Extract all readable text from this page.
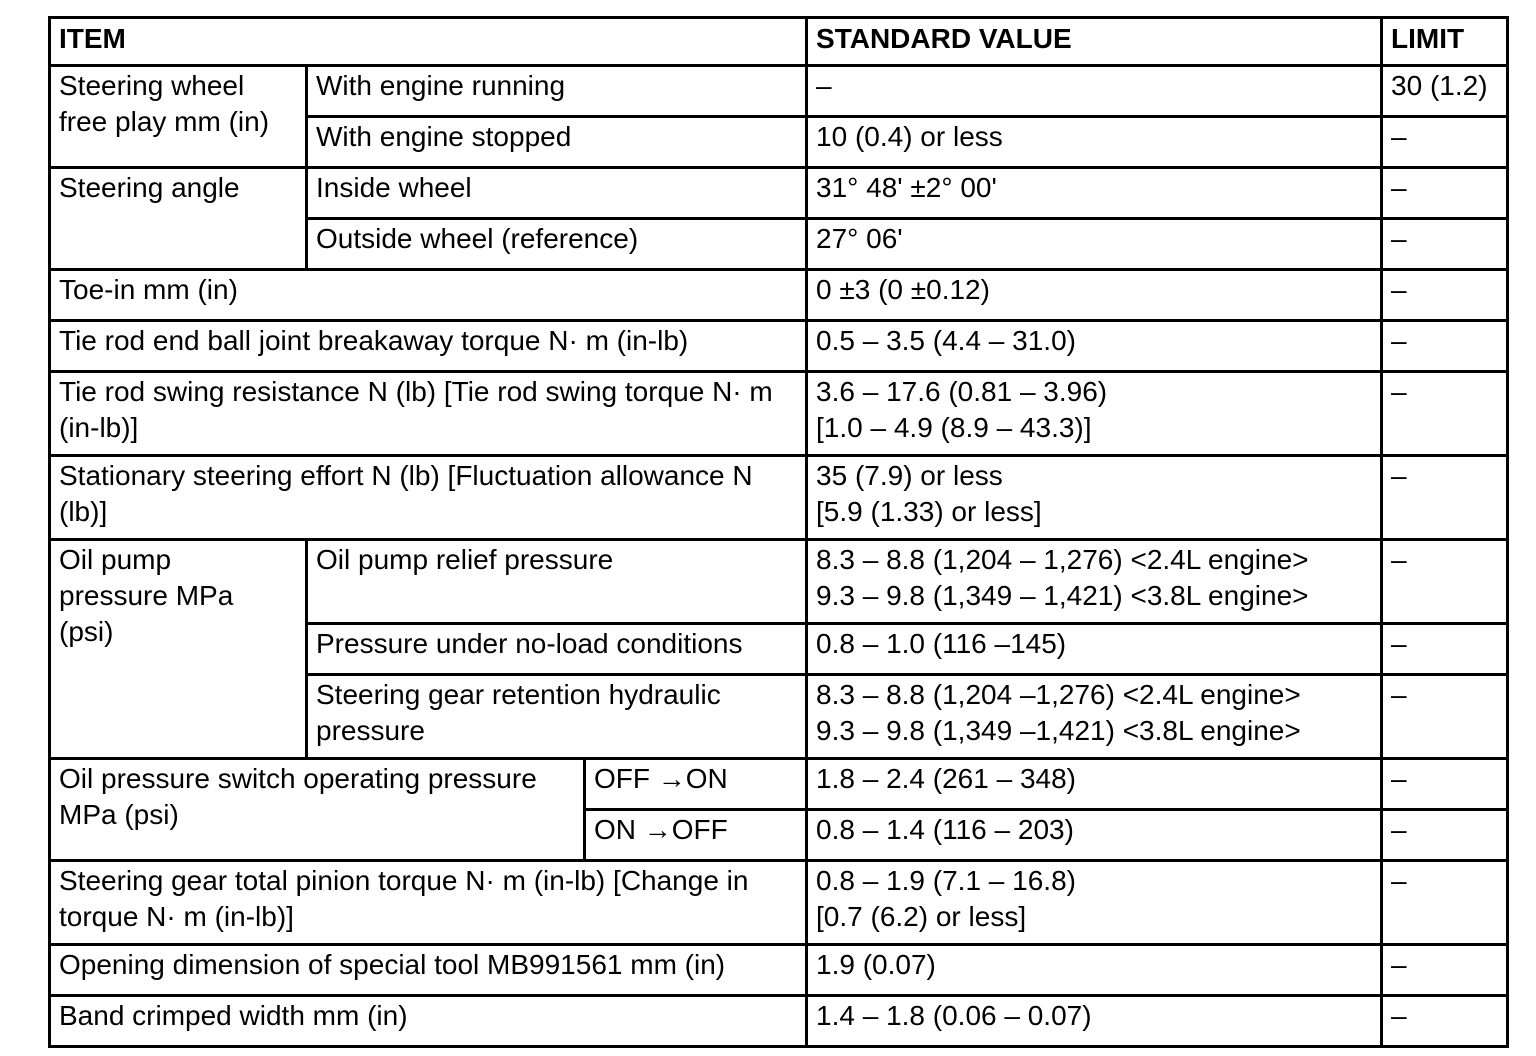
ITEM			STANDARD VALUE	LIMIT

Steering wheel free play mm (in)	With engine running		–	30 (1.2)
	With engine stopped		10 (0.4) or less	–
Steering angle	Inside wheel		31° 48' ±2° 00'	–
	Outside wheel (reference)		27° 06'	–
Toe-in mm (in)			0 ±3 (0 ±0.12)	–
Tie rod end ball joint breakaway torque N· m (in-lb)			0.5 – 3.5 (4.4 – 31.0)	–

Tie rod swing resistance N (lb) [Tie rod swing torque N· m (in-lb)]			3.6 – 17.6 (0.81 – 3.96)
[1.0 – 4.9 (8.9 – 43.3)]	–

Stationary steering effort N (lb) [Fluctuation allowance N (lb)]			35 (7.9) or less
[5.9 (1.33) or less]	–

Oil pump pressure MPa (psi)	Oil pump relief pressure		8.3 – 8.8 (1,204 – 1,276) <2.4L engine>
9.3 – 9.8 (1,349 – 1,421) <3.8L engine>	–
	Pressure under no-load conditions		0.8 – 1.0 (116 –145)	–

	Steering gear retention hydraulic pressure		8.3 – 8.8 (1,204 –1,276) <2.4L engine>
9.3 – 9.8 (1,349 –1,421) <3.8L engine>	–

Oil pressure switch operating pressure MPa (psi)		OFF →ON	1.8 – 2.4 (261 – 348)	–
		ON →OFF	0.8 – 1.4 (116 – 203)	–

Steering gear total pinion torque N· m (in-lb) [Change in torque N· m (in-lb)]			0.8 – 1.9 (7.1 – 16.8)
[0.7 (6.2) or less]	–
Opening dimension of special tool MB991561 mm (in)			1.9 (0.07)	–
Band crimped width mm (in)			1.4 – 1.8 (0.06 – 0.07)	–
